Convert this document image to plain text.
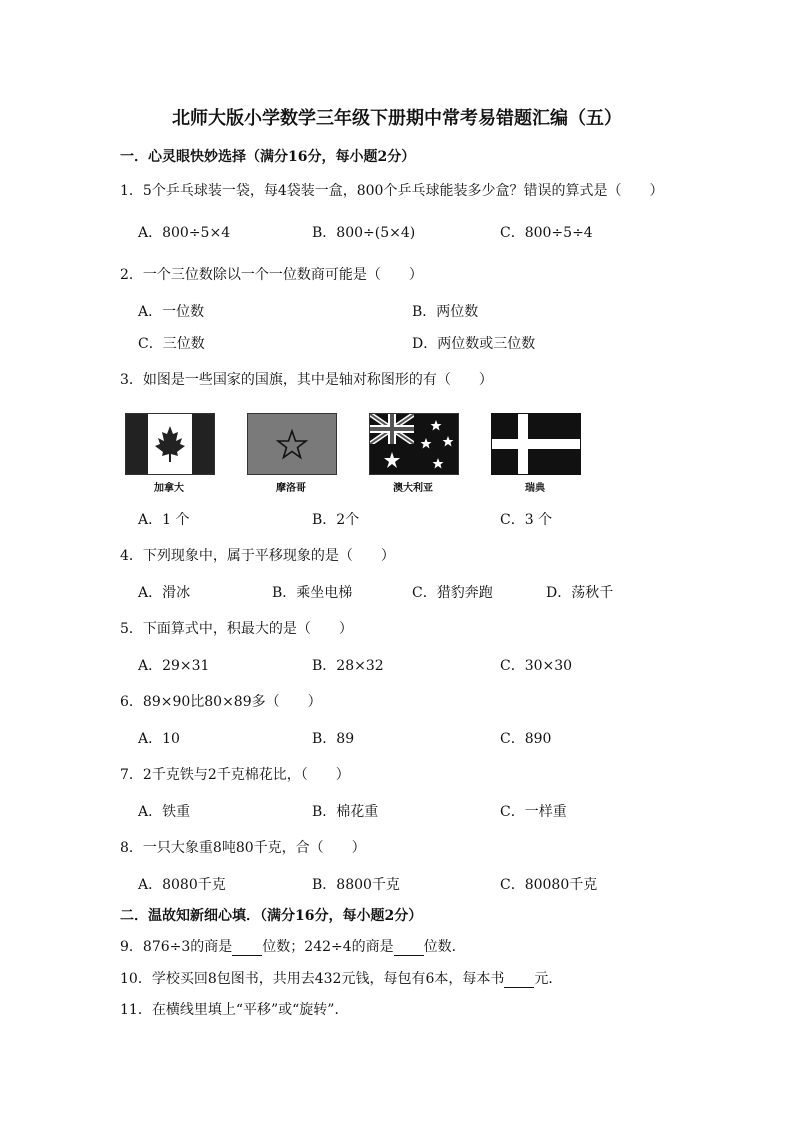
北师大版小学数学三年级下册期中常考易错题汇编（五）
一．心灵眼快妙选择（满分16分，每小题2分）
1．5个乒乓球装一袋，每4袋装一盒，800个乒乓球能装多少盒？错误的算式是（　　）
A．800÷5×4	B．800÷(5×4)	C．800÷5÷4
2．一个三位数除以一个一位数商可能是（　　）
A．一位数	B．两位数
C．三位数	D．两位数或三位数
3．如图是一些国家的国旗，其中是轴对称图形的有（　　）
加拿大	摩洛哥	澳大利亚	瑞典
A．1 个	B．2个	C．3 个
4．下列现象中，属于平移现象的是（　　）
A．滑冰	B．乘坐电梯	C．猎豹奔跑	D．荡秋千
5．下面算式中，积最大的是（　　）
A．29×31	B．28×32	C．30×30
6．89×90比80×89多（　　）
A．10	B．89	C．890
7．2千克铁与2千克棉花比，（　　）
A．铁重	B．棉花重	C．一样重
8．一只大象重8吨80千克，合（　　）
A．8080千克	B．8800千克	C．80080千克
二．温故知新细心填．（满分16分，每小题2分）
9．876÷3的商是 位数；242÷4的商是 位数．
10．学校买回8包图书，共用去432元钱，每包有6本，每本书 元．
11．在横线里填上“平移”或“旋转”．
